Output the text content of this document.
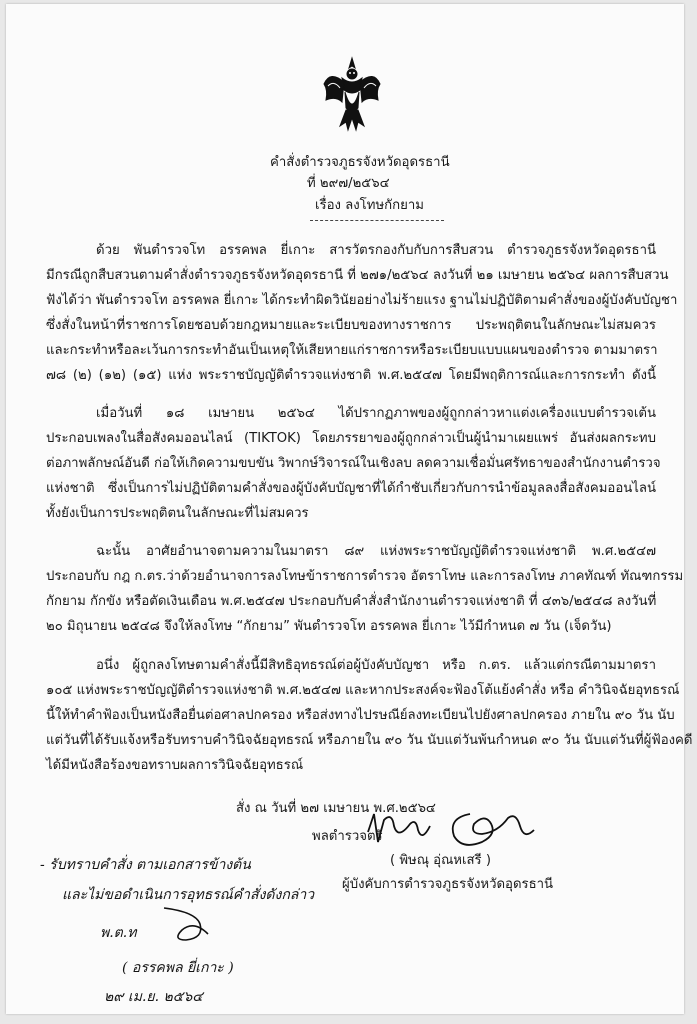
คำสั่งตำรวจภูธรจังหวัดอุดรธานี
ที่ ๒๙๗/๒๕๖๔
เรื่อง ลงโทษกักยาม
ด้วย พันตำรวจโท อรรคพล ยี่เกาะ สารวัตรกองกับกับการสืบสวน ตำรวจภูธรจังหวัดอุดรธานี
มีกรณีถูกสืบสวนตามคำสั่งตำรวจภูธรจังหวัดอุดรธานี ที่ ๒๗๑/๒๕๖๔ ลงวันที่ ๒๑ เมษายน ๒๕๖๔ ผลการสืบสวน
ฟังได้ว่า พันตำรวจโท อรรคพล ยี่เกาะ ได้กระทำผิดวินัยอย่างไม่ร้ายแรง ฐานไม่ปฏิบัติตามคำสั่งของผู้บังคับบัญชา
ซึ่งสั่งในหน้าที่ราชการโดยชอบด้วยกฎหมายและระเบียบของทางราชการ ประพฤติตนในลักษณะไม่สมควร
และกระทำหรือละเว้นการกระทำอันเป็นเหตุให้เสียหายแก่ราชการหรือระเบียบแบบแผนของตำรวจ ตามมาตรา
๗๘ (๒) (๑๒) (๑๕) แห่ง พระราชบัญญัติตำรวจแห่งชาติ พ.ศ.๒๕๔๗ โดยมีพฤติการณ์และการกระทำ ดังนี้
เมื่อวันที่ ๑๘ เมษายน ๒๕๖๔ ได้ปรากฏภาพของผู้ถูกกล่าวหาแต่งเครื่องแบบตำรวจเต้น
ประกอบเพลงในสื่อสังคมออนไลน์ (TIKTOK) โดยภรรยาของผู้ถูกกล่าวเป็นผู้นำมาเผยแพร่ อันส่งผลกระทบ
ต่อภาพลักษณ์อันดี ก่อให้เกิดความขบขัน วิพากษ์วิจารณ์ในเชิงลบ ลดความเชื่อมั่นศรัทธาของสำนักงานตำรวจ
แห่งชาติ ซึ่งเป็นการไม่ปฏิบัติตามคำสั่งของผู้บังคับบัญชาที่ได้กำชับเกี่ยวกับการนำข้อมูลลงสื่อสังคมออนไลน์
ทั้งยังเป็นการประพฤติตนในลักษณะที่ไม่สมควร
ฉะนั้น อาศัยอำนาจตามความในมาตรา ๘๙ แห่งพระราชบัญญัติตำรวจแห่งชาติ พ.ศ.๒๕๔๗
ประกอบกับ กฎ ก.ตร.ว่าด้วยอำนาจการลงโทษข้าราชการตำรวจ อัตราโทษ และการลงโทษ ภาคทัณฑ์ ทัณฑกรรม
กักยาม กักขัง หรือตัดเงินเดือน พ.ศ.๒๕๔๗ ประกอบกับคำสั่งสำนักงานตำรวจแห่งชาติ ที่ ๔๓๖/๒๕๔๘ ลงวันที่
๒๐ มิถุนายน ๒๕๔๘ จึงให้ลงโทษ “กักยาม” พันตำรวจโท อรรคพล ยี่เกาะ ไว้มีกำหนด ๗ วัน (เจ็ดวัน)
อนึ่ง ผู้ถูกลงโทษตามคำสั่งนี้มีสิทธิอุทธรณ์ต่อผู้บังคับบัญชา หรือ ก.ตร. แล้วแต่กรณีตามมาตรา
๑๐๕ แห่งพระราชบัญญัติตำรวจแห่งชาติ พ.ศ.๒๕๔๗ และหากประสงค์จะฟ้องโต้แย้งคำสั่ง หรือ คำวินิจฉัยอุทธรณ์
นี้ให้ทำคำฟ้องเป็นหนังสือยื่นต่อศาลปกครอง หรือส่งทางไปรษณีย์ลงทะเบียนไปยังศาลปกครอง ภายใน ๙๐ วัน นับ
แต่วันที่ได้รับแจ้งหรือรับทราบคำวินิจฉัยอุทธรณ์ หรือภายใน ๙๐ วัน นับแต่วันพ้นกำหนด ๙๐ วัน นับแต่วันที่ผู้ฟ้องคดี
ได้มีหนังสือร้องขอทราบผลการวินิจฉัยอุทธรณ์
สั่ง ณ วันที่ ๒๗ เมษายน พ.ศ.๒๕๖๔
พลตำรวจตรี
( พิษณุ อุ่ณหเสรี )
ผู้บังคับการตำรวจภูธรจังหวัดอุดรธานี
- รับทราบคำสั่ง ตามเอกสารข้างต้น
และไม่ขอดำเนินการอุทธรณ์คำสั่งดังกล่าว
พ.ต.ท
( อรรคพล ยี่เกาะ )
๒๙ เม.ย. ๒๕๖๔
